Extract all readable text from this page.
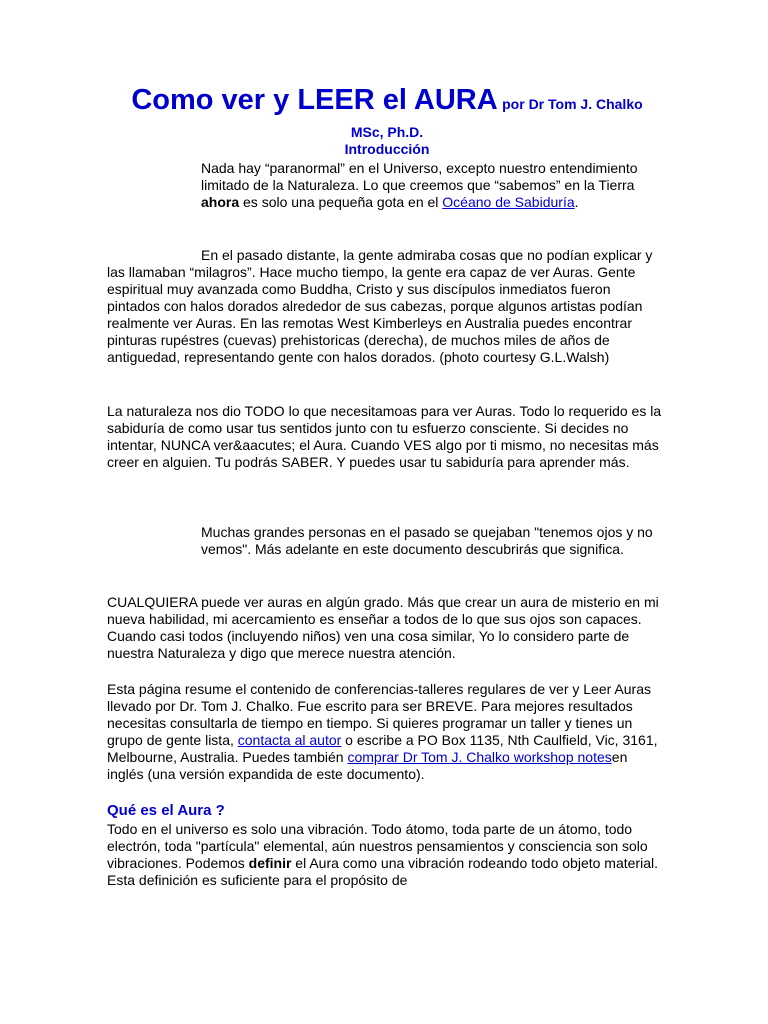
Como ver y LEER el AURA por Dr Tom J. Chalko
MSc, Ph.D.
Introducción

Nada hay “paranormal” en el Universo, excepto nuestro entendimiento limitado de la Naturaleza. Lo que creemos que “sabemos” en la Tierra ahora es solo una pequeña gota en el Océano de Sabiduría.

En el pasado distante, la gente admiraba cosas que no podían explicar y las llamaban “milagros”. Hace mucho tiempo, la gente era capaz de ver Auras. Gente espiritual muy avanzada como Buddha, Cristo y sus discípulos inmediatos fueron pintados con halos dorados alrededor de sus cabezas, porque algunos artistas podían realmente ver Auras. En las remotas West Kimberleys en Australia puedes encontrar pinturas rupéstres (cuevas) prehistoricas (derecha), de muchos miles de años de antiguedad, representando gente con halos dorados. (photo courtesy G.L.Walsh)

La naturaleza nos dio TODO lo que necesitamoas para ver Auras. Todo lo requerido es la sabiduría de como usar tus sentidos junto con tu esfuerzo consciente. Si decides no intentar, NUNCA ver&aacutes; el Aura. Cuando VES algo por ti mismo, no necesitas más creer en alguien. Tu podrás SABER. Y puedes usar tu sabiduría para aprender más.

Muchas grandes personas en el pasado se quejaban "tenemos ojos y no vemos". Más adelante en este documento descubrirás que significa.

CUALQUIERA puede ver auras en algún grado. Más que crear un aura de misterio en mi nueva habilidad, mi acercamiento es enseñar a todos de lo que sus ojos son capaces. Cuando casi todos (incluyendo niños) ven una cosa similar, Yo lo considero parte de nuestra Naturaleza y digo que merece nuestra atención.

Esta página resume el contenido de conferencias-talleres regulares de ver y Leer Auras llevado por Dr. Tom J. Chalko. Fue escrito para ser BREVE. Para mejores resultados necesitas consultarla de tiempo en tiempo. Si quieres programar un taller y tienes un grupo de gente lista, contacta al autor o escribe a PO Box 1135, Nth Caulfield, Vic, 3161, Melbourne, Australia. Puedes también comprar Dr Tom J. Chalko workshop notesen inglés (una versión expandida de este documento).

Qué es el Aura ?

Todo en el universo es solo una vibración. Todo átomo, toda parte de un átomo, todo electrón, toda "partícula" elemental, aún nuestros pensamientos y consciencia son solo vibraciones. Podemos definir el Aura como una vibración rodeando todo objeto material. Esta definición es suficiente para el propósito de
